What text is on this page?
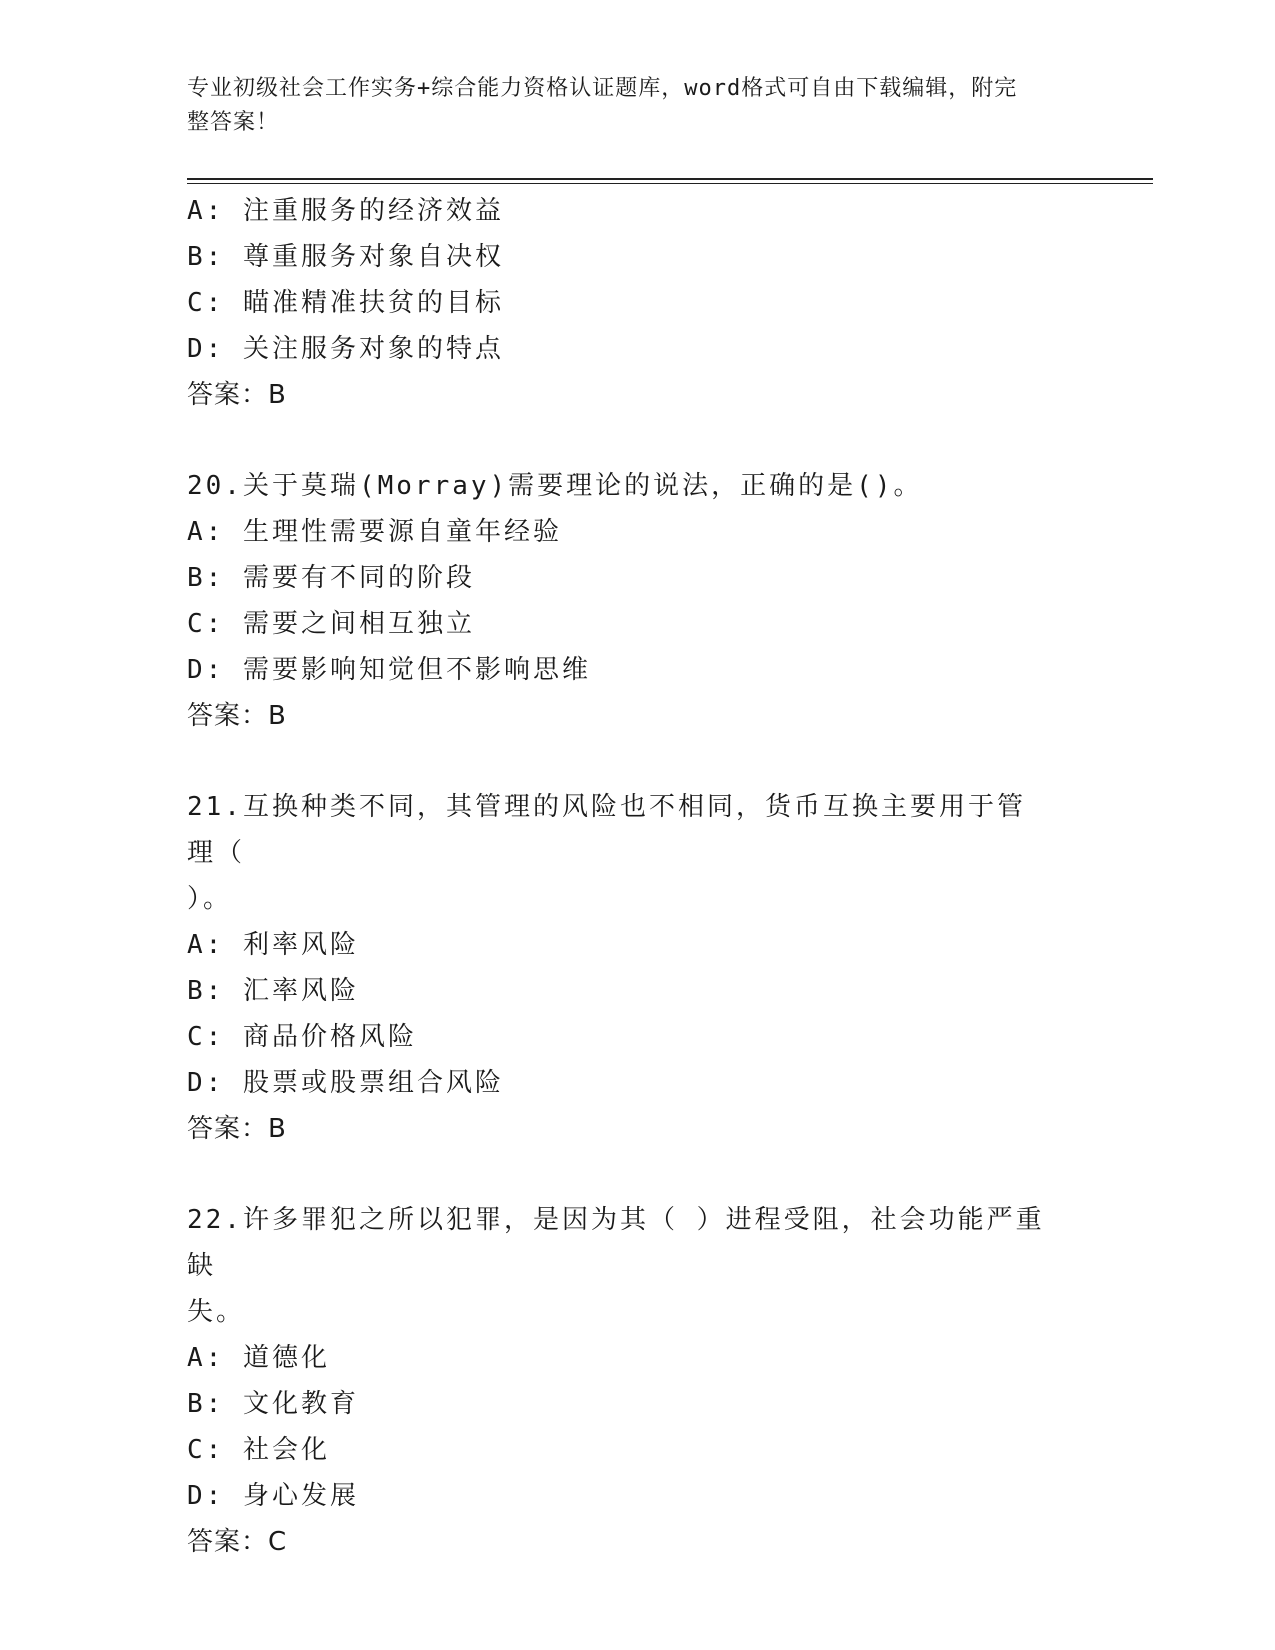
专业初级社会工作实务+综合能力资格认证题库，word格式可自由下载编辑，附完
整答案！
A: 注重服务的经济效益
B: 尊重服务对象自决权
C: 瞄准精准扶贫的目标
D: 关注服务对象的特点
答案：B
20.关于莫瑞(Morray)需要理论的说法，正确的是()。
A: 生理性需要源自童年经验
B: 需要有不同的阶段
C: 需要之间相互独立
D: 需要影响知觉但不影响思维
答案：B
21.互换种类不同，其管理的风险也不相同，货币互换主要用于管理（
）。
A: 利率风险
B: 汇率风险
C: 商品价格风险
D: 股票或股票组合风险
答案：B
22.许多罪犯之所以犯罪，是因为其（ ）进程受阻，社会功能严重缺
失。
A: 道德化
B: 文化教育
C: 社会化
D: 身心发展
答案：C
